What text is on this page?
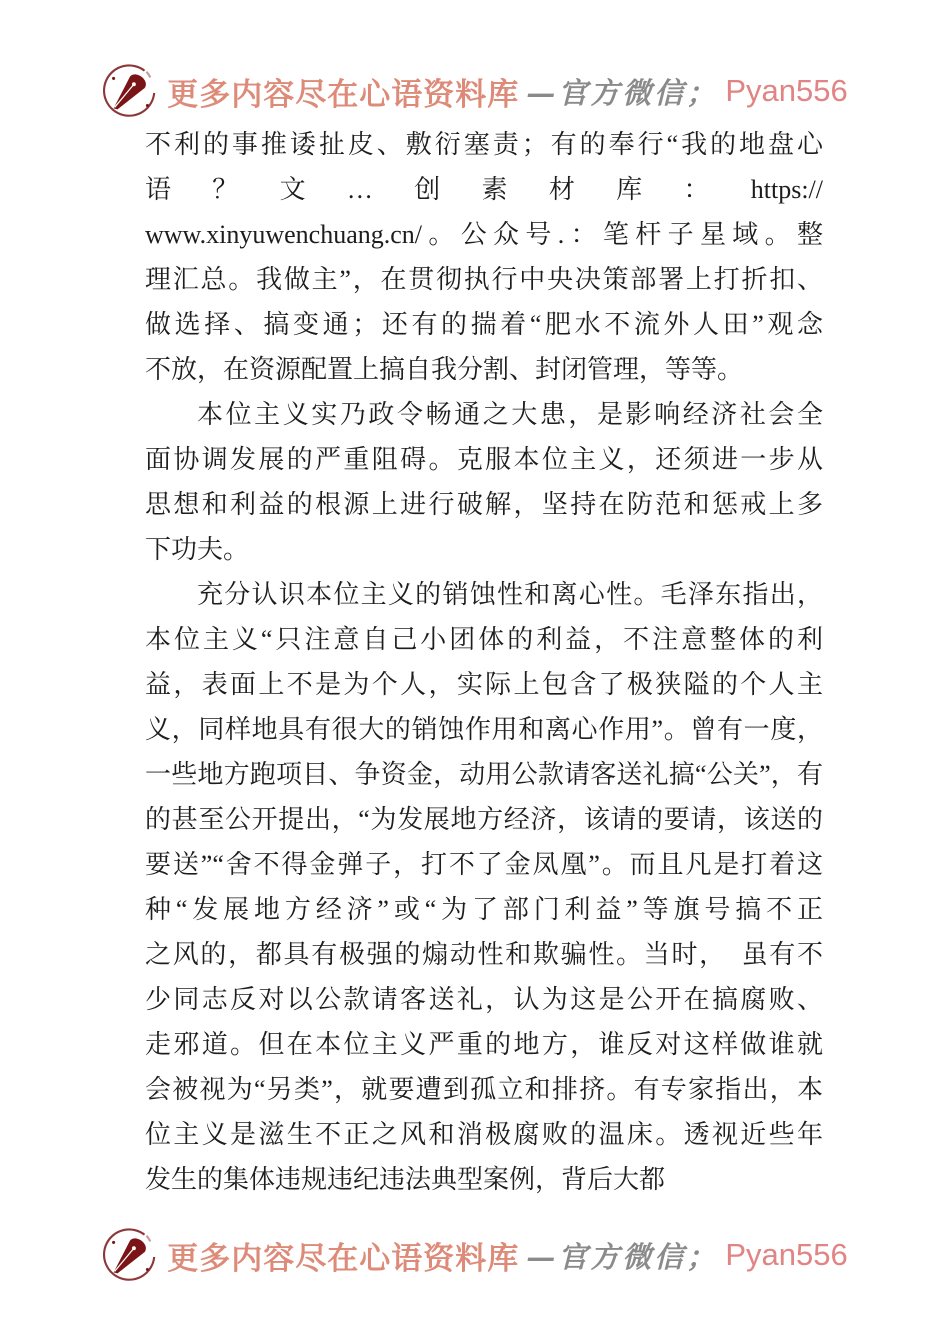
更多内容尽在心语资料库 —官方微信； Pyan556
不利的事推诿扯皮、敷衍塞责；有的奉行“我的地盘心
语？文…创素材库：https://
www.xinyuwenchuang.cn/。公众号.：笔杆子星域。整
理汇总。我做主”，在贯彻执行中央决策部署上打折扣、
做选择、搞变通；还有的揣着“肥水不流外人田”观念
不放，在资源配置上搞自我分割、封闭管理，等等。
本位主义实乃政令畅通之大患，是影响经济社会全
面协调发展的严重阻碍。克服本位主义，还须进一步从
思想和利益的根源上进行破解，坚持在防范和惩戒上多
下功夫。
充分认识本位主义的销蚀性和离心性。毛泽东指出，
本位主义“只注意自己小团体的利益，不注意整体的利
益，表面上不是为个人，实际上包含了极狭隘的个人主
义，同样地具有很大的销蚀作用和离心作用”。曾有一度，
一些地方跑项目、争资金，动用公款请客送礼搞“公关”，有
的甚至公开提出，“为发展地方经济，该请的要请，该送的
要送”“舍不得金弹子，打不了金凤凰”。而且凡是打着这
种“发展地方经济”或“为了部门利益”等旗号搞不正
之风的，都具有极强的煽动性和欺骗性。当时，　虽有不
少同志反对以公款请客送礼，认为这是公开在搞腐败、
走邪道。但在本位主义严重的地方，谁反对这样做谁就
会被视为“另类”，就要遭到孤立和排挤。有专家指出，本
位主义是滋生不正之风和消极腐败的温床。透视近些年
发生的集体违规违纪违法典型案例，背后大都
更多内容尽在心语资料库 —官方微信； Pyan556
